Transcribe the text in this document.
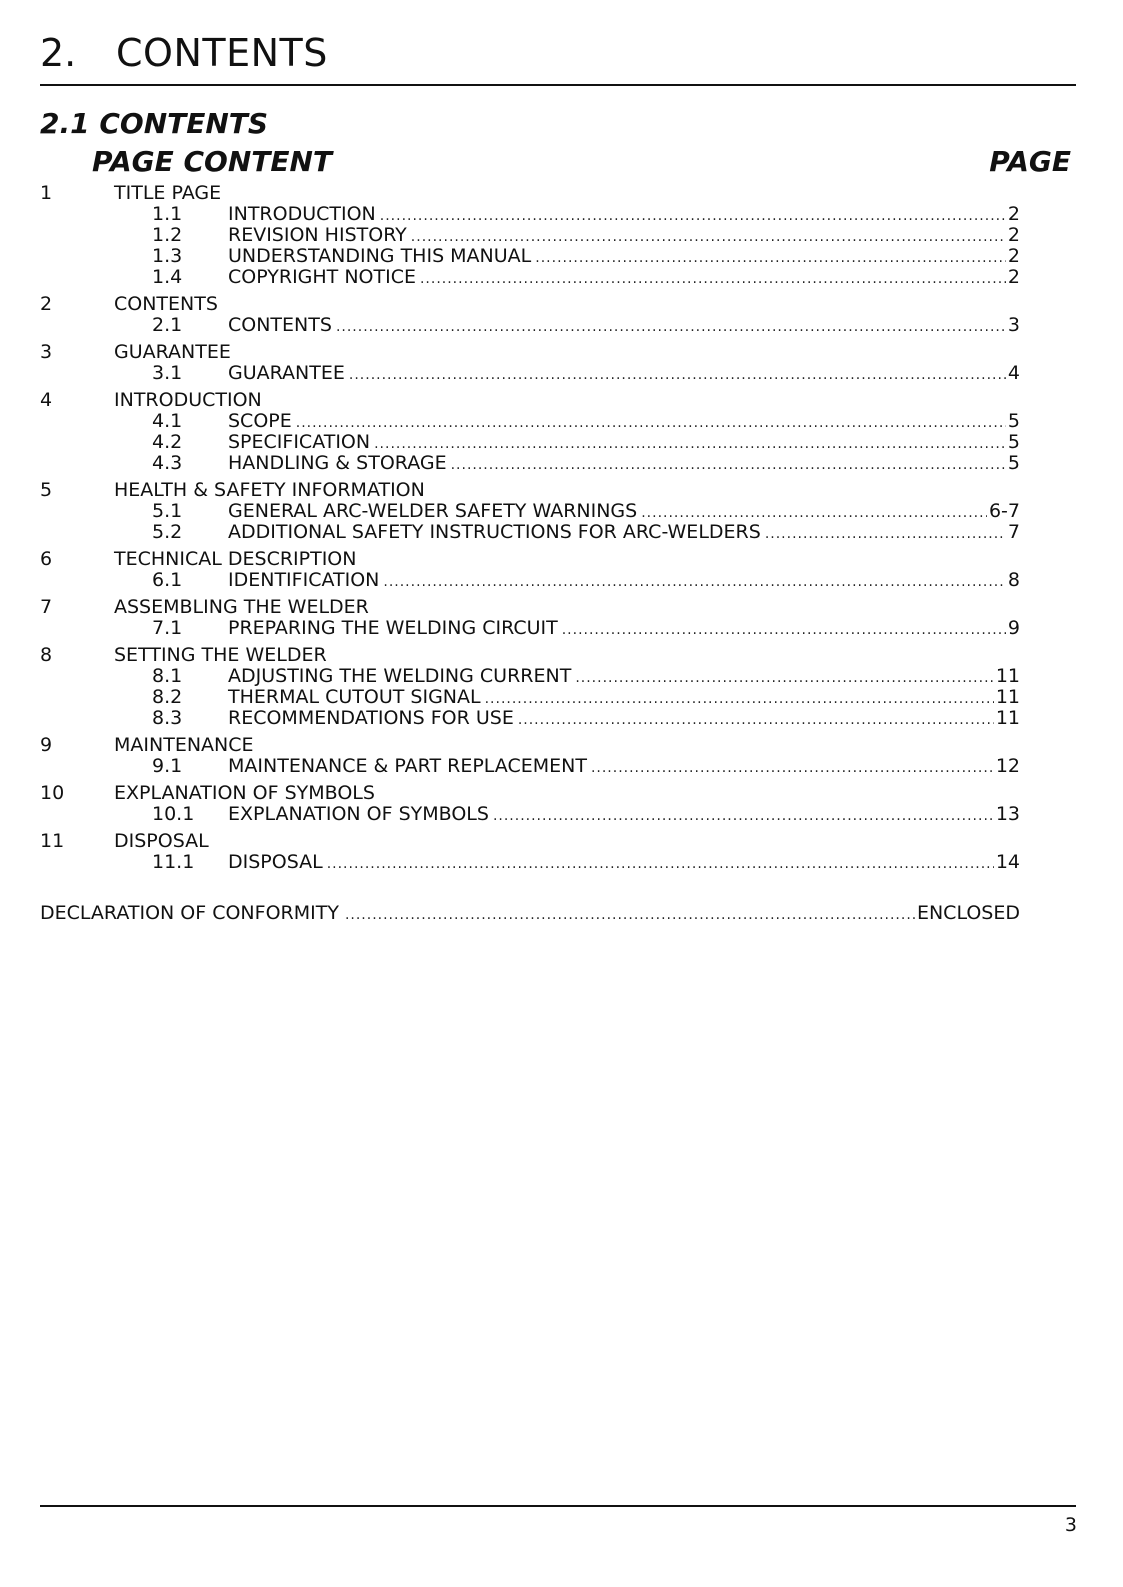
2. CONTENTS
2.1 CONTENTS
PAGE CONTENT	PAGE
1	TITLE PAGE
1.1 INTRODUCTION .....	2
1.2 REVISION HISTORY .....	2
1.3 UNDERSTANDING THIS MANUAL .....	2
1.4 COPYRIGHT NOTICE .....	2
2	CONTENTS
2.1 CONTENTS .....	3
3	GUARANTEE
3.1 GUARANTEE .....	4
4	INTRODUCTION
4.1 SCOPE .....	5
4.2 SPECIFICATION .....	5
4.3 HANDLING & STORAGE .....	5
5	HEALTH & SAFETY INFORMATION
5.1 GENERAL ARC-WELDER SAFETY WARNINGS .....	6-7
5.2 ADDITIONAL SAFETY INSTRUCTIONS FOR ARC-WELDERS .....	7
6	TECHNICAL DESCRIPTION
6.1 IDENTIFICATION .....	8
7	ASSEMBLING THE WELDER
7.1 PREPARING THE WELDING CIRCUIT .....	9
8	SETTING THE WELDER
8.1 ADJUSTING THE WELDING CURRENT .....	11
8.2 THERMAL CUTOUT SIGNAL .....	11
8.3 RECOMMENDATIONS FOR USE .....	11
9	MAINTENANCE
9.1 MAINTENANCE & PART REPLACEMENT .....	12
10	EXPLANATION OF SYMBOLS
10.1 EXPLANATION OF SYMBOLS .....	13
11	DISPOSAL
11.1 DISPOSAL .....	14
DECLARATION OF CONFORMITY .....	ENCLOSED
3
